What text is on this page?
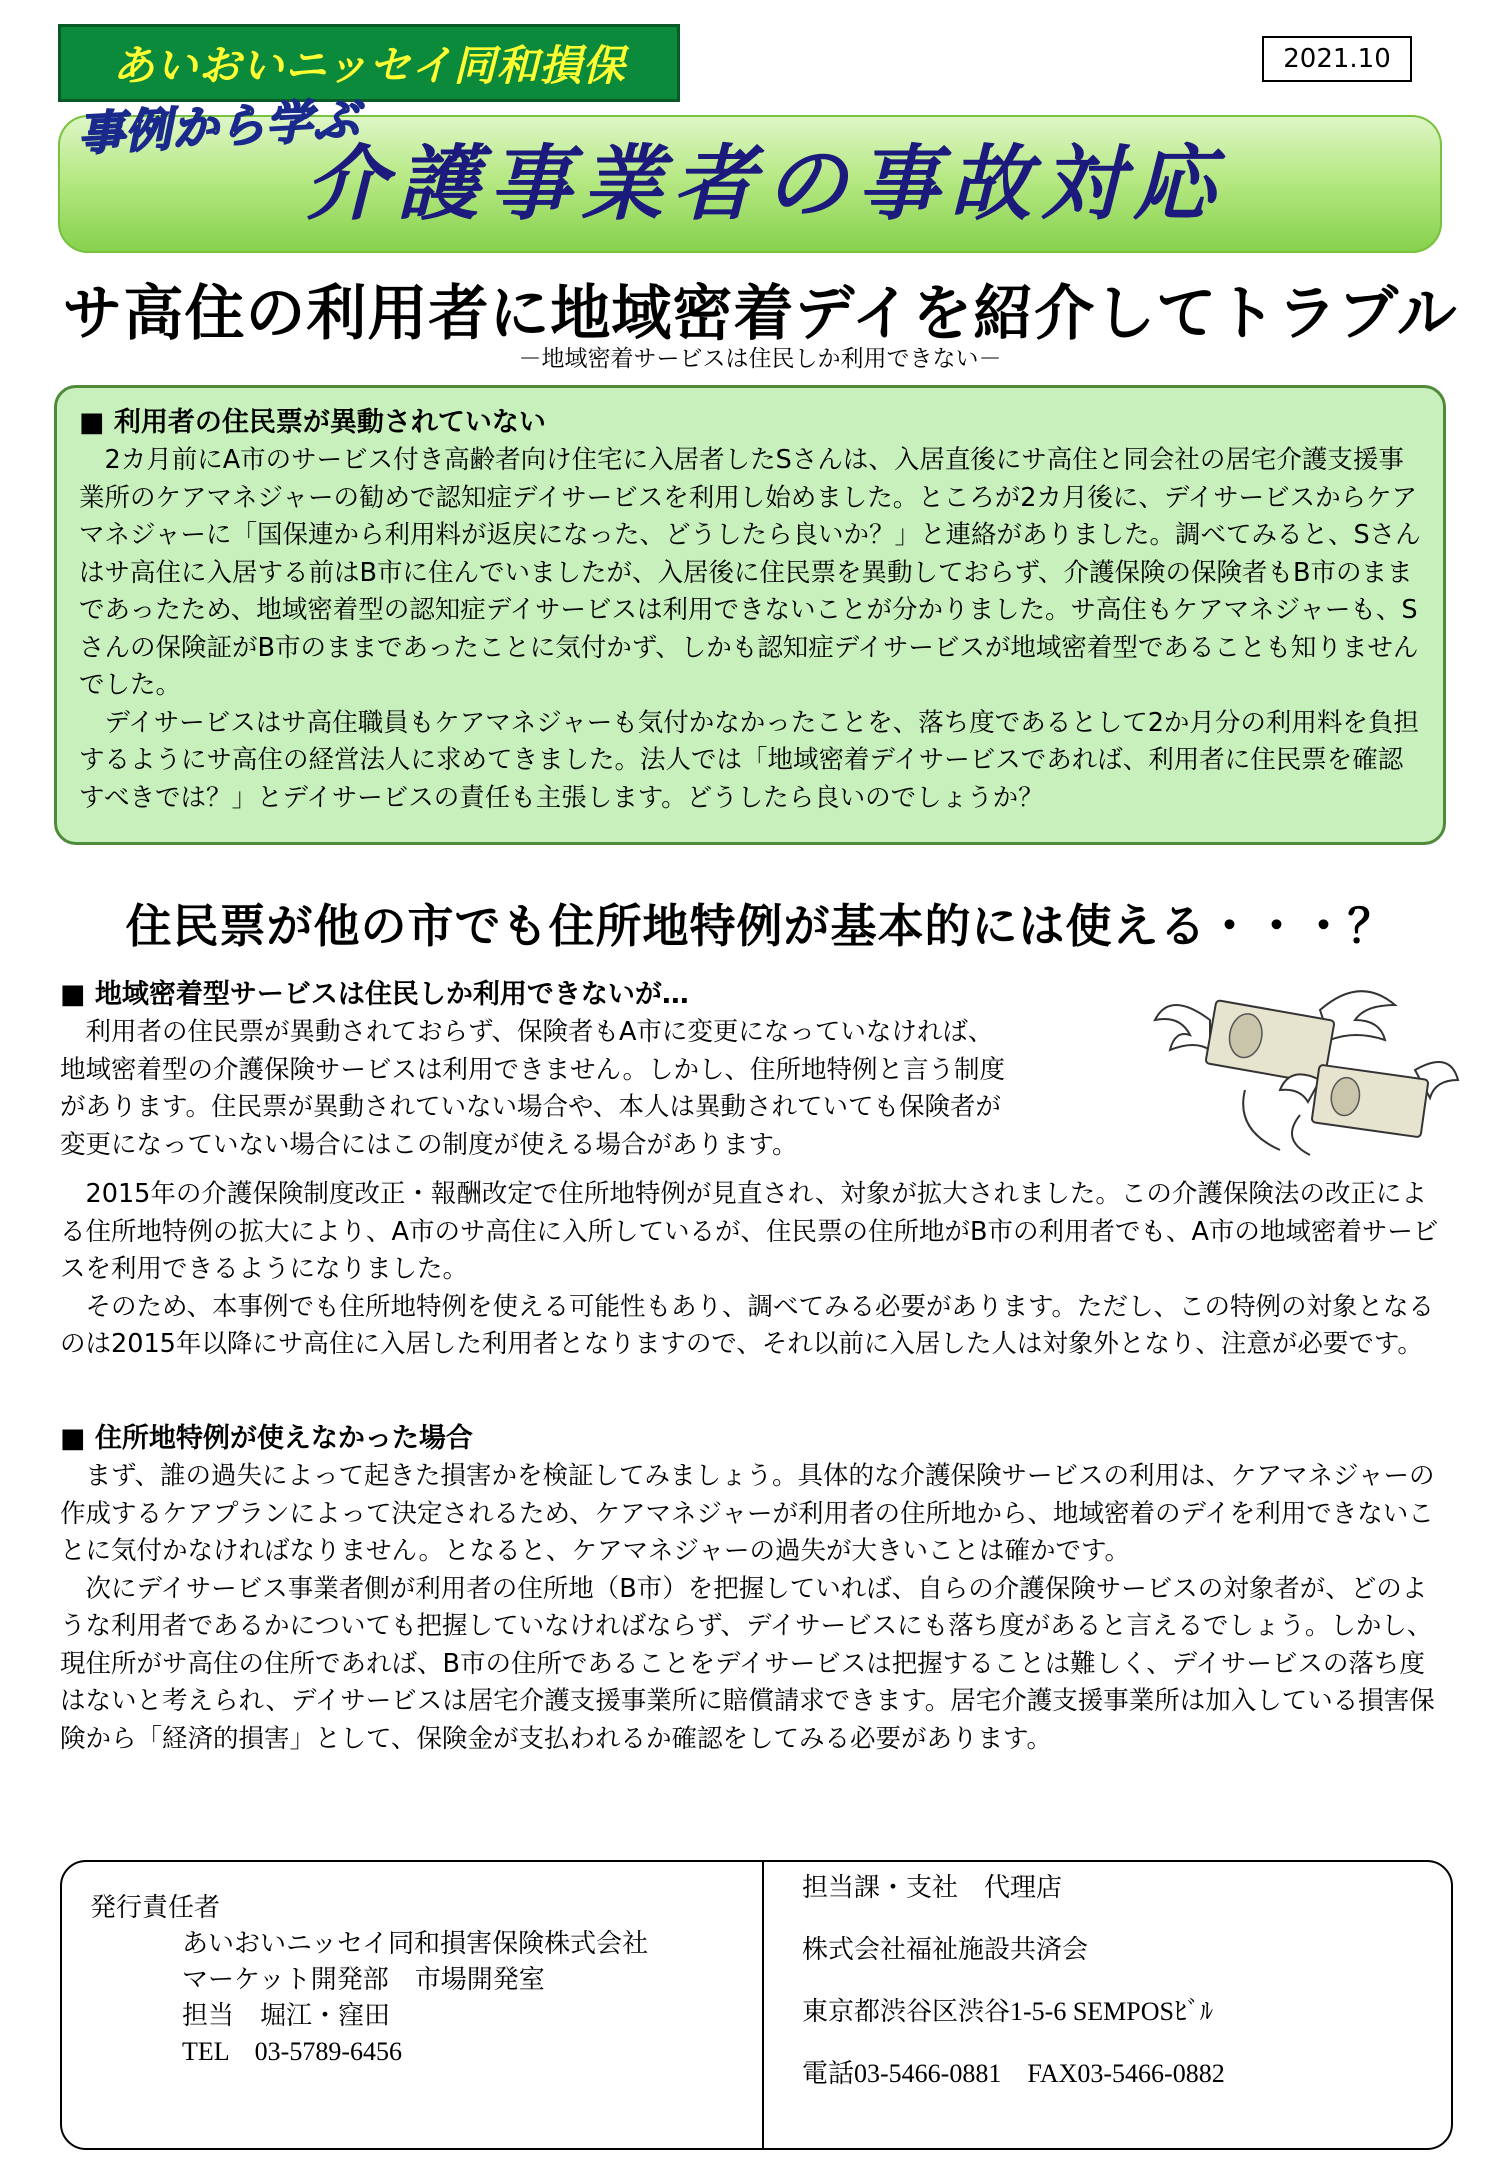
あいおいニッセイ同和損保	2021.10
事例から学ぶ
介護事業者の事故対応
サ高住の利用者に地域密着デイを紹介してトラブル
－地域密着サービスは住民しか利用できない－
■ 利用者の住民票が異動されていない

　2カ月前にA市のサービス付き高齢者向け住宅に入居者したSさんは、入居直後にサ高住と同会社の居宅介護支援事業所のケアマネジャーの勧めで認知症デイサービスを利用し始めました。ところが2カ月後に、デイサービスからケアマネジャーに「国保連から利用料が返戻になった、どうしたら良いか？」と連絡がありました。調べてみると、Sさんはサ高住に入居する前はB市に住んでいましたが、入居後に住民票を異動しておらず、介護保険の保険者もB市のままであったため、地域密着型の認知症デイサービスは利用できないことが分かりました。サ高住もケアマネジャーも、Sさんの保険証がB市のままであったことに気付かず、しかも認知症デイサービスが地域密着型であることも知りませんでした。

　デイサービスはサ高住職員もケアマネジャーも気付かなかったことを、落ち度であるとして2か月分の利用料を負担するようにサ高住の経営法人に求めてきました。法人では「地域密着デイサービスであれば、利用者に住民票を確認すべきでは？」とデイサービスの責任も主張します。どうしたら良いのでしょうか？

住民票が他の市でも住所地特例が基本的には使える・・・？
■ 地域密着型サービスは住民しか利用できないが…

　利用者の住民票が異動されておらず、保険者もA市に変更になっていなければ、

地域密着型の介護保険サービスは利用できません。しかし、住所地特例と言う制度

があります。住民票が異動されていない場合や、本人は異動されていても保険者が

変更になっていない場合にはこの制度が使える場合があります。

　2015年の介護保険制度改正・報酬改定で住所地特例が見直され、対象が拡大されました。この介護保険法の改正による住所地特例の拡大により、A市のサ高住に入所しているが、住民票の住所地がB市の利用者でも、A市の地域密着サービスを利用できるようになりました。

　そのため、本事例でも住所地特例を使える可能性もあり、調べてみる必要があります。ただし、この特例の対象となるのは2015年以降にサ高住に入居した利用者となりますので、それ以前に入居した人は対象外となり、注意が必要です。

■ 住所地特例が使えなかった場合

　まず、誰の過失によって起きた損害かを検証してみましょう。具体的な介護保険サービスの利用は、ケアマネジャーの作成するケアプランによって決定されるため、ケアマネジャーが利用者の住所地から、地域密着のデイを利用できないことに気付かなければなりません。となると、ケアマネジャーの過失が大きいことは確かです。

　次にデイサービス事業者側が利用者の住所地（B市）を把握していれば、自らの介護保険サービスの対象者が、どのような利用者であるかについても把握していなければならず、デイサービスにも落ち度があると言えるでしょう。しかし、現住所がサ高住の住所であれば、B市の住所であることをデイサービスは把握することは難しく、デイサービスの落ち度はないと考えられ、デイサービスは居宅介護支援事業所に賠償請求できます。居宅介護支援事業所は加入している損害保険から「経済的損害」として、保険金が支払われるか確認をしてみる必要があります。

発行責任者
あいおいニッセイ同和損害保険株式会社
マーケット開発部　市場開発室
担当　堀江・窪田
TEL　03-5789-6456
担当課・支社　代理店
株式会社福祉施設共済会
東京都渋谷区渋谷1-5-6 SEMPOSﾋﾞﾙ
電話03-5466-0881　FAX03-5466-0882
